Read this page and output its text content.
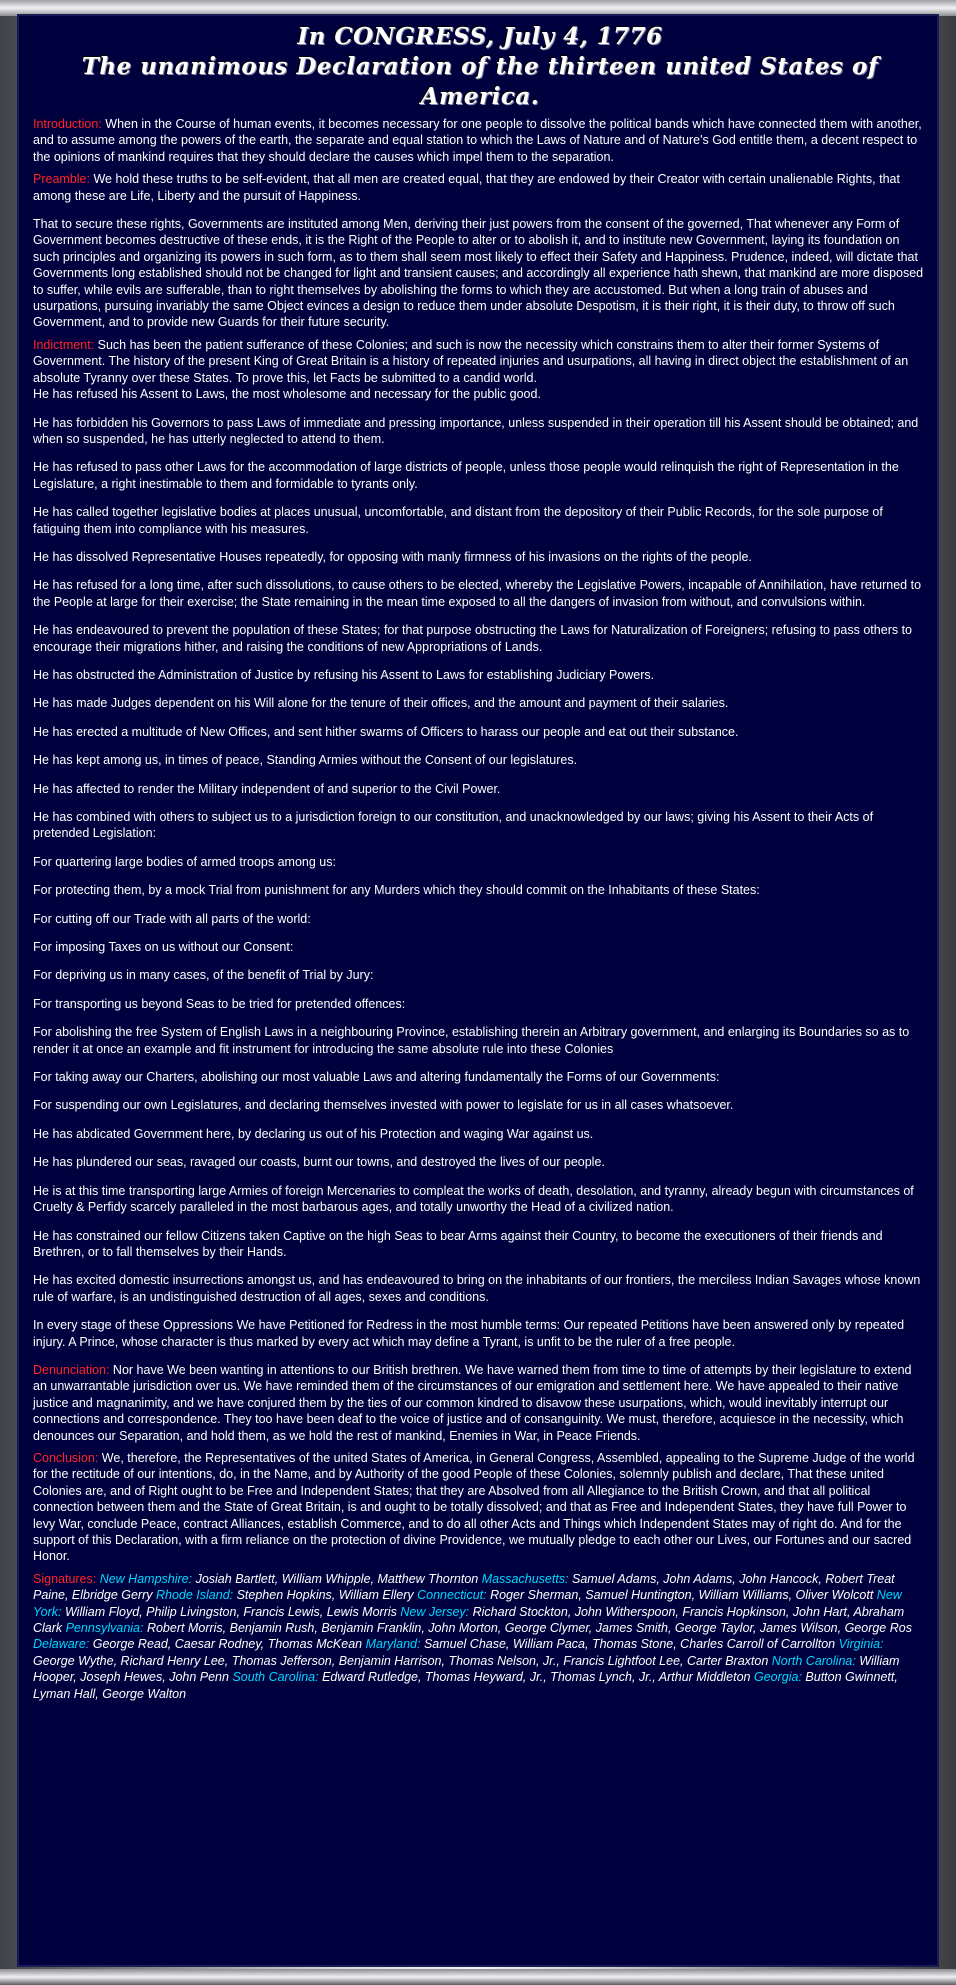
In CONGRESS, July 4, 1776
The unanimous Declaration of the thirteen united States of America.

Introduction: When in the Course of human events, it becomes necessary for one people to dissolve the political bands which have connected them with another, and to assume among the powers of the earth, the separate and equal station to which the Laws of Nature and of Nature's God entitle them, a decent respect to the opinions of mankind requires that they should declare the causes which impel them to the separation.

Preamble: We hold these truths to be self-evident, that all men are created equal, that they are endowed by their Creator with certain unalienable Rights, that among these are Life, Liberty and the pursuit of Happiness.

That to secure these rights, Governments are instituted among Men, deriving their just powers from the consent of the governed, That whenever any Form of Government becomes destructive of these ends, it is the Right of the People to alter or to abolish it, and to institute new Government, laying its foundation on such principles and organizing its powers in such form, as to them shall seem most likely to effect their Safety and Happiness. Prudence, indeed, will dictate that Governments long established should not be changed for light and transient causes; and accordingly all experience hath shewn, that mankind are more disposed to suffer, while evils are sufferable, than to right themselves by abolishing the forms to which they are accustomed. But when a long train of abuses and usurpations, pursuing invariably the same Object evinces a design to reduce them under absolute Despotism, it is their right, it is their duty, to throw off such Government, and to provide new Guards for their future security.

Indictment: Such has been the patient sufferance of these Colonies; and such is now the necessity which constrains them to alter their former Systems of Government. The history of the present King of Great Britain is a history of repeated injuries and usurpations, all having in direct object the establishment of an absolute Tyranny over these States. To prove this, let Facts be submitted to a candid world.
He has refused his Assent to Laws, the most wholesome and necessary for the public good.

He has forbidden his Governors to pass Laws of immediate and pressing importance, unless suspended in their operation till his Assent should be obtained; and when so suspended, he has utterly neglected to attend to them.

He has refused to pass other Laws for the accommodation of large districts of people, unless those people would relinquish the right of Representation in the Legislature, a right inestimable to them and formidable to tyrants only.

He has called together legislative bodies at places unusual, uncomfortable, and distant from the depository of their Public Records, for the sole purpose of fatiguing them into compliance with his measures.

He has dissolved Representative Houses repeatedly, for opposing with manly firmness of his invasions on the rights of the people.

He has refused for a long time, after such dissolutions, to cause others to be elected, whereby the Legislative Powers, incapable of Annihilation, have returned to the People at large for their exercise; the State remaining in the mean time exposed to all the dangers of invasion from without, and convulsions within.

He has endeavoured to prevent the population of these States; for that purpose obstructing the Laws for Naturalization of Foreigners; refusing to pass others to encourage their migrations hither, and raising the conditions of new Appropriations of Lands.

He has obstructed the Administration of Justice by refusing his Assent to Laws for establishing Judiciary Powers.

He has made Judges dependent on his Will alone for the tenure of their offices, and the amount and payment of their salaries.

He has erected a multitude of New Offices, and sent hither swarms of Officers to harass our people and eat out their substance.

He has kept among us, in times of peace, Standing Armies without the Consent of our legislatures.

He has affected to render the Military independent of and superior to the Civil Power.

He has combined with others to subject us to a jurisdiction foreign to our constitution, and unacknowledged by our laws; giving his Assent to their Acts of pretended Legislation:

For quartering large bodies of armed troops among us:

For protecting them, by a mock Trial from punishment for any Murders which they should commit on the Inhabitants of these States:

For cutting off our Trade with all parts of the world:

For imposing Taxes on us without our Consent:

For depriving us in many cases, of the benefit of Trial by Jury:

For transporting us beyond Seas to be tried for pretended offences:

For abolishing the free System of English Laws in a neighbouring Province, establishing therein an Arbitrary government, and enlarging its Boundaries so as to render it at once an example and fit instrument for introducing the same absolute rule into these Colonies

For taking away our Charters, abolishing our most valuable Laws and altering fundamentally the Forms of our Governments:

For suspending our own Legislatures, and declaring themselves invested with power to legislate for us in all cases whatsoever.

He has abdicated Government here, by declaring us out of his Protection and waging War against us.

He has plundered our seas, ravaged our coasts, burnt our towns, and destroyed the lives of our people.

He is at this time transporting large Armies of foreign Mercenaries to compleat the works of death, desolation, and tyranny, already begun with circumstances of Cruelty & Perfidy scarcely paralleled in the most barbarous ages, and totally unworthy the Head of a civilized nation.

He has constrained our fellow Citizens taken Captive on the high Seas to bear Arms against their Country, to become the executioners of their friends and Brethren, or to fall themselves by their Hands.

He has excited domestic insurrections amongst us, and has endeavoured to bring on the inhabitants of our frontiers, the merciless Indian Savages whose known rule of warfare, is an undistinguished destruction of all ages, sexes and conditions.

In every stage of these Oppressions We have Petitioned for Redress in the most humble terms: Our repeated Petitions have been answered only by repeated injury. A Prince, whose character is thus marked by every act which may define a Tyrant, is unfit to be the ruler of a free people.

Denunciation: Nor have We been wanting in attentions to our British brethren. We have warned them from time to time of attempts by their legislature to extend an unwarrantable jurisdiction over us. We have reminded them of the circumstances of our emigration and settlement here. We have appealed to their native justice and magnanimity, and we have conjured them by the ties of our common kindred to disavow these usurpations, which, would inevitably interrupt our connections and correspondence. They too have been deaf to the voice of justice and of consanguinity. We must, therefore, acquiesce in the necessity, which denounces our Separation, and hold them, as we hold the rest of mankind, Enemies in War, in Peace Friends.

Conclusion: We, therefore, the Representatives of the united States of America, in General Congress, Assembled, appealing to the Supreme Judge of the world for the rectitude of our intentions, do, in the Name, and by Authority of the good People of these Colonies, solemnly publish and declare, That these united Colonies are, and of Right ought to be Free and Independent States; that they are Absolved from all Allegiance to the British Crown, and that all political connection between them and the State of Great Britain, is and ought to be totally dissolved; and that as Free and Independent States, they have full Power to levy War, conclude Peace, contract Alliances, establish Commerce, and to do all other Acts and Things which Independent States may of right do. And for the support of this Declaration, with a firm reliance on the protection of divine Providence, we mutually pledge to each other our Lives, our Fortunes and our sacred Honor.

Signatures: New Hampshire: Josiah Bartlett, William Whipple, Matthew Thornton Massachusetts: Samuel Adams, John Adams, John Hancock, Robert Treat Paine, Elbridge Gerry Rhode Island: Stephen Hopkins, William Ellery Connecticut: Roger Sherman, Samuel Huntington, William Williams, Oliver Wolcott New York: William Floyd, Philip Livingston, Francis Lewis, Lewis Morris New Jersey: Richard Stockton, John Witherspoon, Francis Hopkinson, John Hart, Abraham Clark Pennsylvania: Robert Morris, Benjamin Rush, Benjamin Franklin, John Morton, George Clymer, James Smith, George Taylor, James Wilson, George Ros Delaware: George Read, Caesar Rodney, Thomas McKean Maryland: Samuel Chase, William Paca, Thomas Stone, Charles Carroll of Carrollton Virginia: George Wythe, Richard Henry Lee, Thomas Jefferson, Benjamin Harrison, Thomas Nelson, Jr., Francis Lightfoot Lee, Carter Braxton North Carolina: William Hooper, Joseph Hewes, John Penn South Carolina: Edward Rutledge, Thomas Heyward, Jr., Thomas Lynch, Jr., Arthur Middleton Georgia: Button Gwinnett, Lyman Hall, George Walton
